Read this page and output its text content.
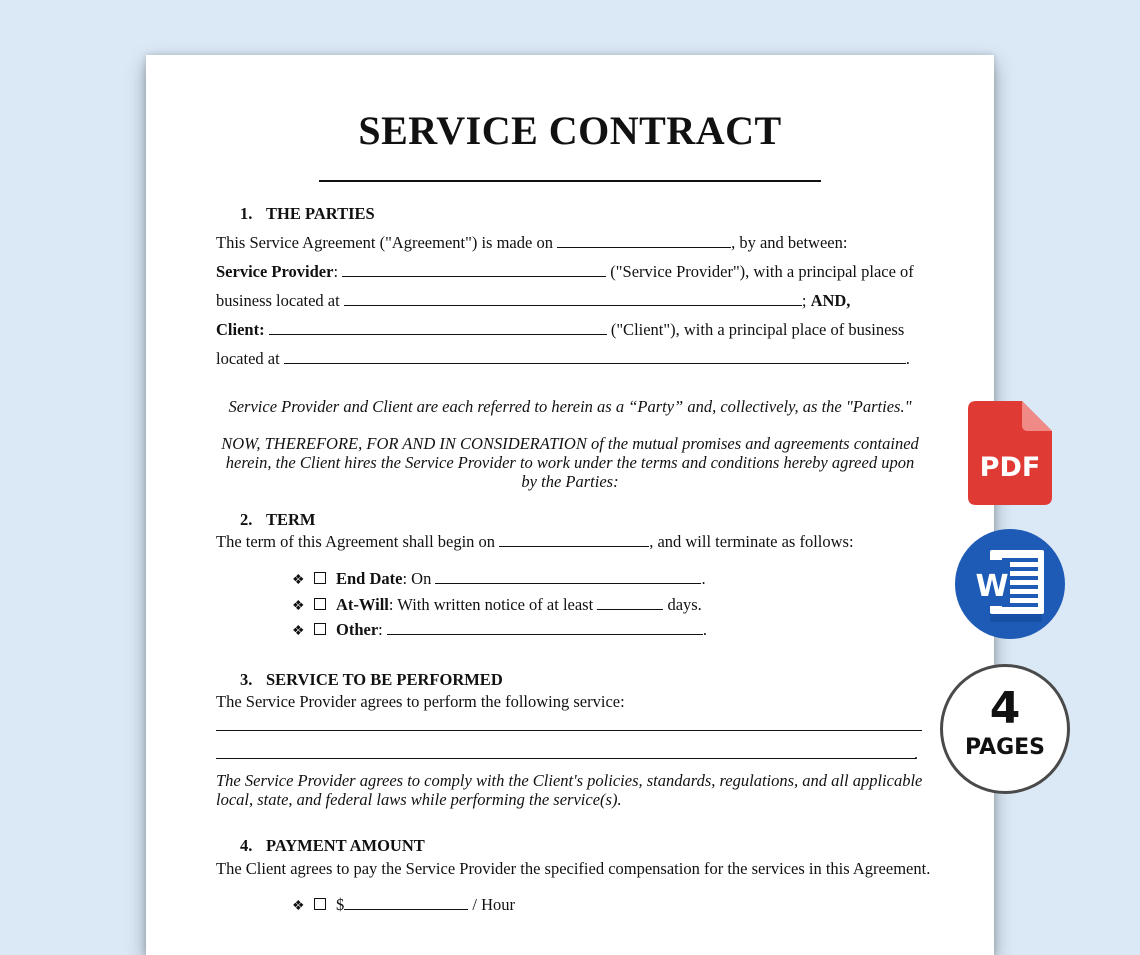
SERVICE CONTRACT
1. THE PARTIES
This Service Agreement ("Agreement") is made on	, by and between:
Service Provider:	("Service Provider"), with a principal place of
business located at	; AND,
Client:	("Client"), with a principal place of business
located at	.
Service Provider and Client are each referred to herein as a “Party” and, collectively, as the "Parties."
NOW, THEREFORE, FOR AND IN CONSIDERATION of the mutual promises and agreements contained
herein, the Client hires the Service Provider to work under the terms and conditions hereby agreed upon
by the Parties:
2. TERM
The term of this Agreement shall begin on	, and will terminate as follows:
❖ End Date: On	.
❖ At-Will: With written notice of at least	days.
❖ Other:	.
3. SERVICE TO BE PERFORMED
The Service Provider agrees to perform the following service:
.
The Service Provider agrees to comply with the Client's policies, standards, regulations, and all applicable
local, state, and federal laws while performing the service(s).
4. PAYMENT AMOUNT
The Client agrees to pay the Service Provider the specified compensation for the services in this Agreement.
❖ $	/ Hour
PDF
W
4
PAGES
